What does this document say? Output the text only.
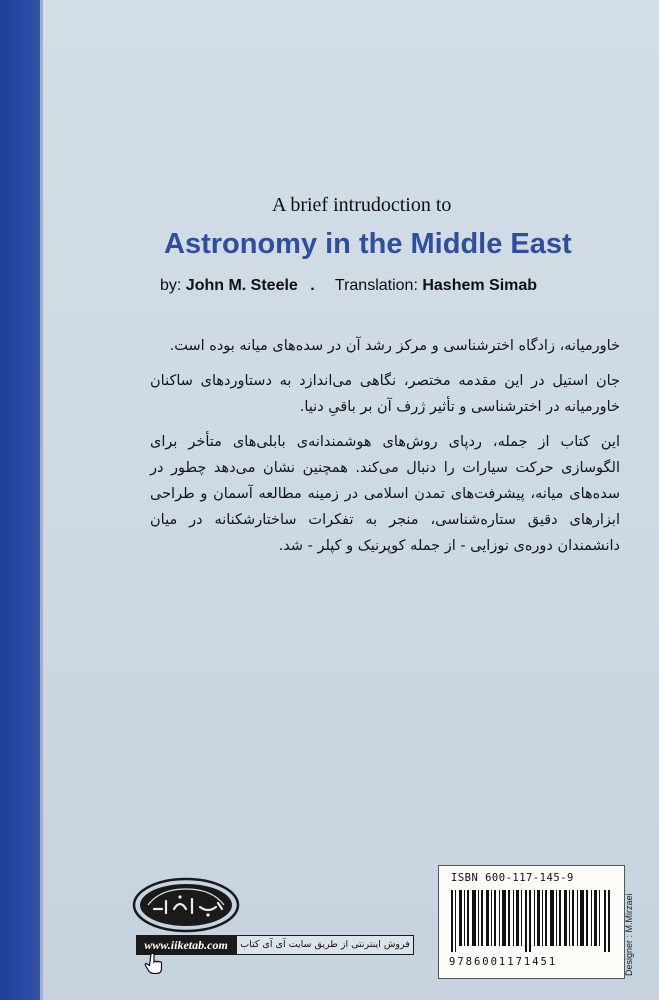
A brief intrudoction to
Astronomy in the Middle East
by: John M. Steele . Translation: Hashem Simab

خاورمیانه، زادگاه اخترشناسی و مرکز رشد آن در سده‌های میانه بوده است.

جان استیل در این مقدمه مختصر، نگاهی می‌اندازد به دستاوردهای ساکنان خاورمیانه در اخترشناسی و تأثیر ژرف آن بر باقیِ دنیا.

این کتاب از جمله، ردپای روش‌های هوشمندانه‌ی بابلی‌های متأخر برای الگوسازی حرکت سیارات را دنبال می‌کند. همچنین نشان می‌دهد چطور در سده‌های میانه، پیشرفت‌های تمدن اسلامی در زمینه مطالعه آسمان و طراحی ابزارهای دقیق ستاره‌شناسی، منجر به تفکرات ساختارشکنانه در میان دانشمندان دوره‌ی نوزایی - از جمله کوپرنیک و کپلر - شد.

www.iiketab.com	فروش اینترنتی از طریق سایت آی آی کتاب
ISBN 600-117-145-9
9786001171451	Designer : M.Mirzaei
